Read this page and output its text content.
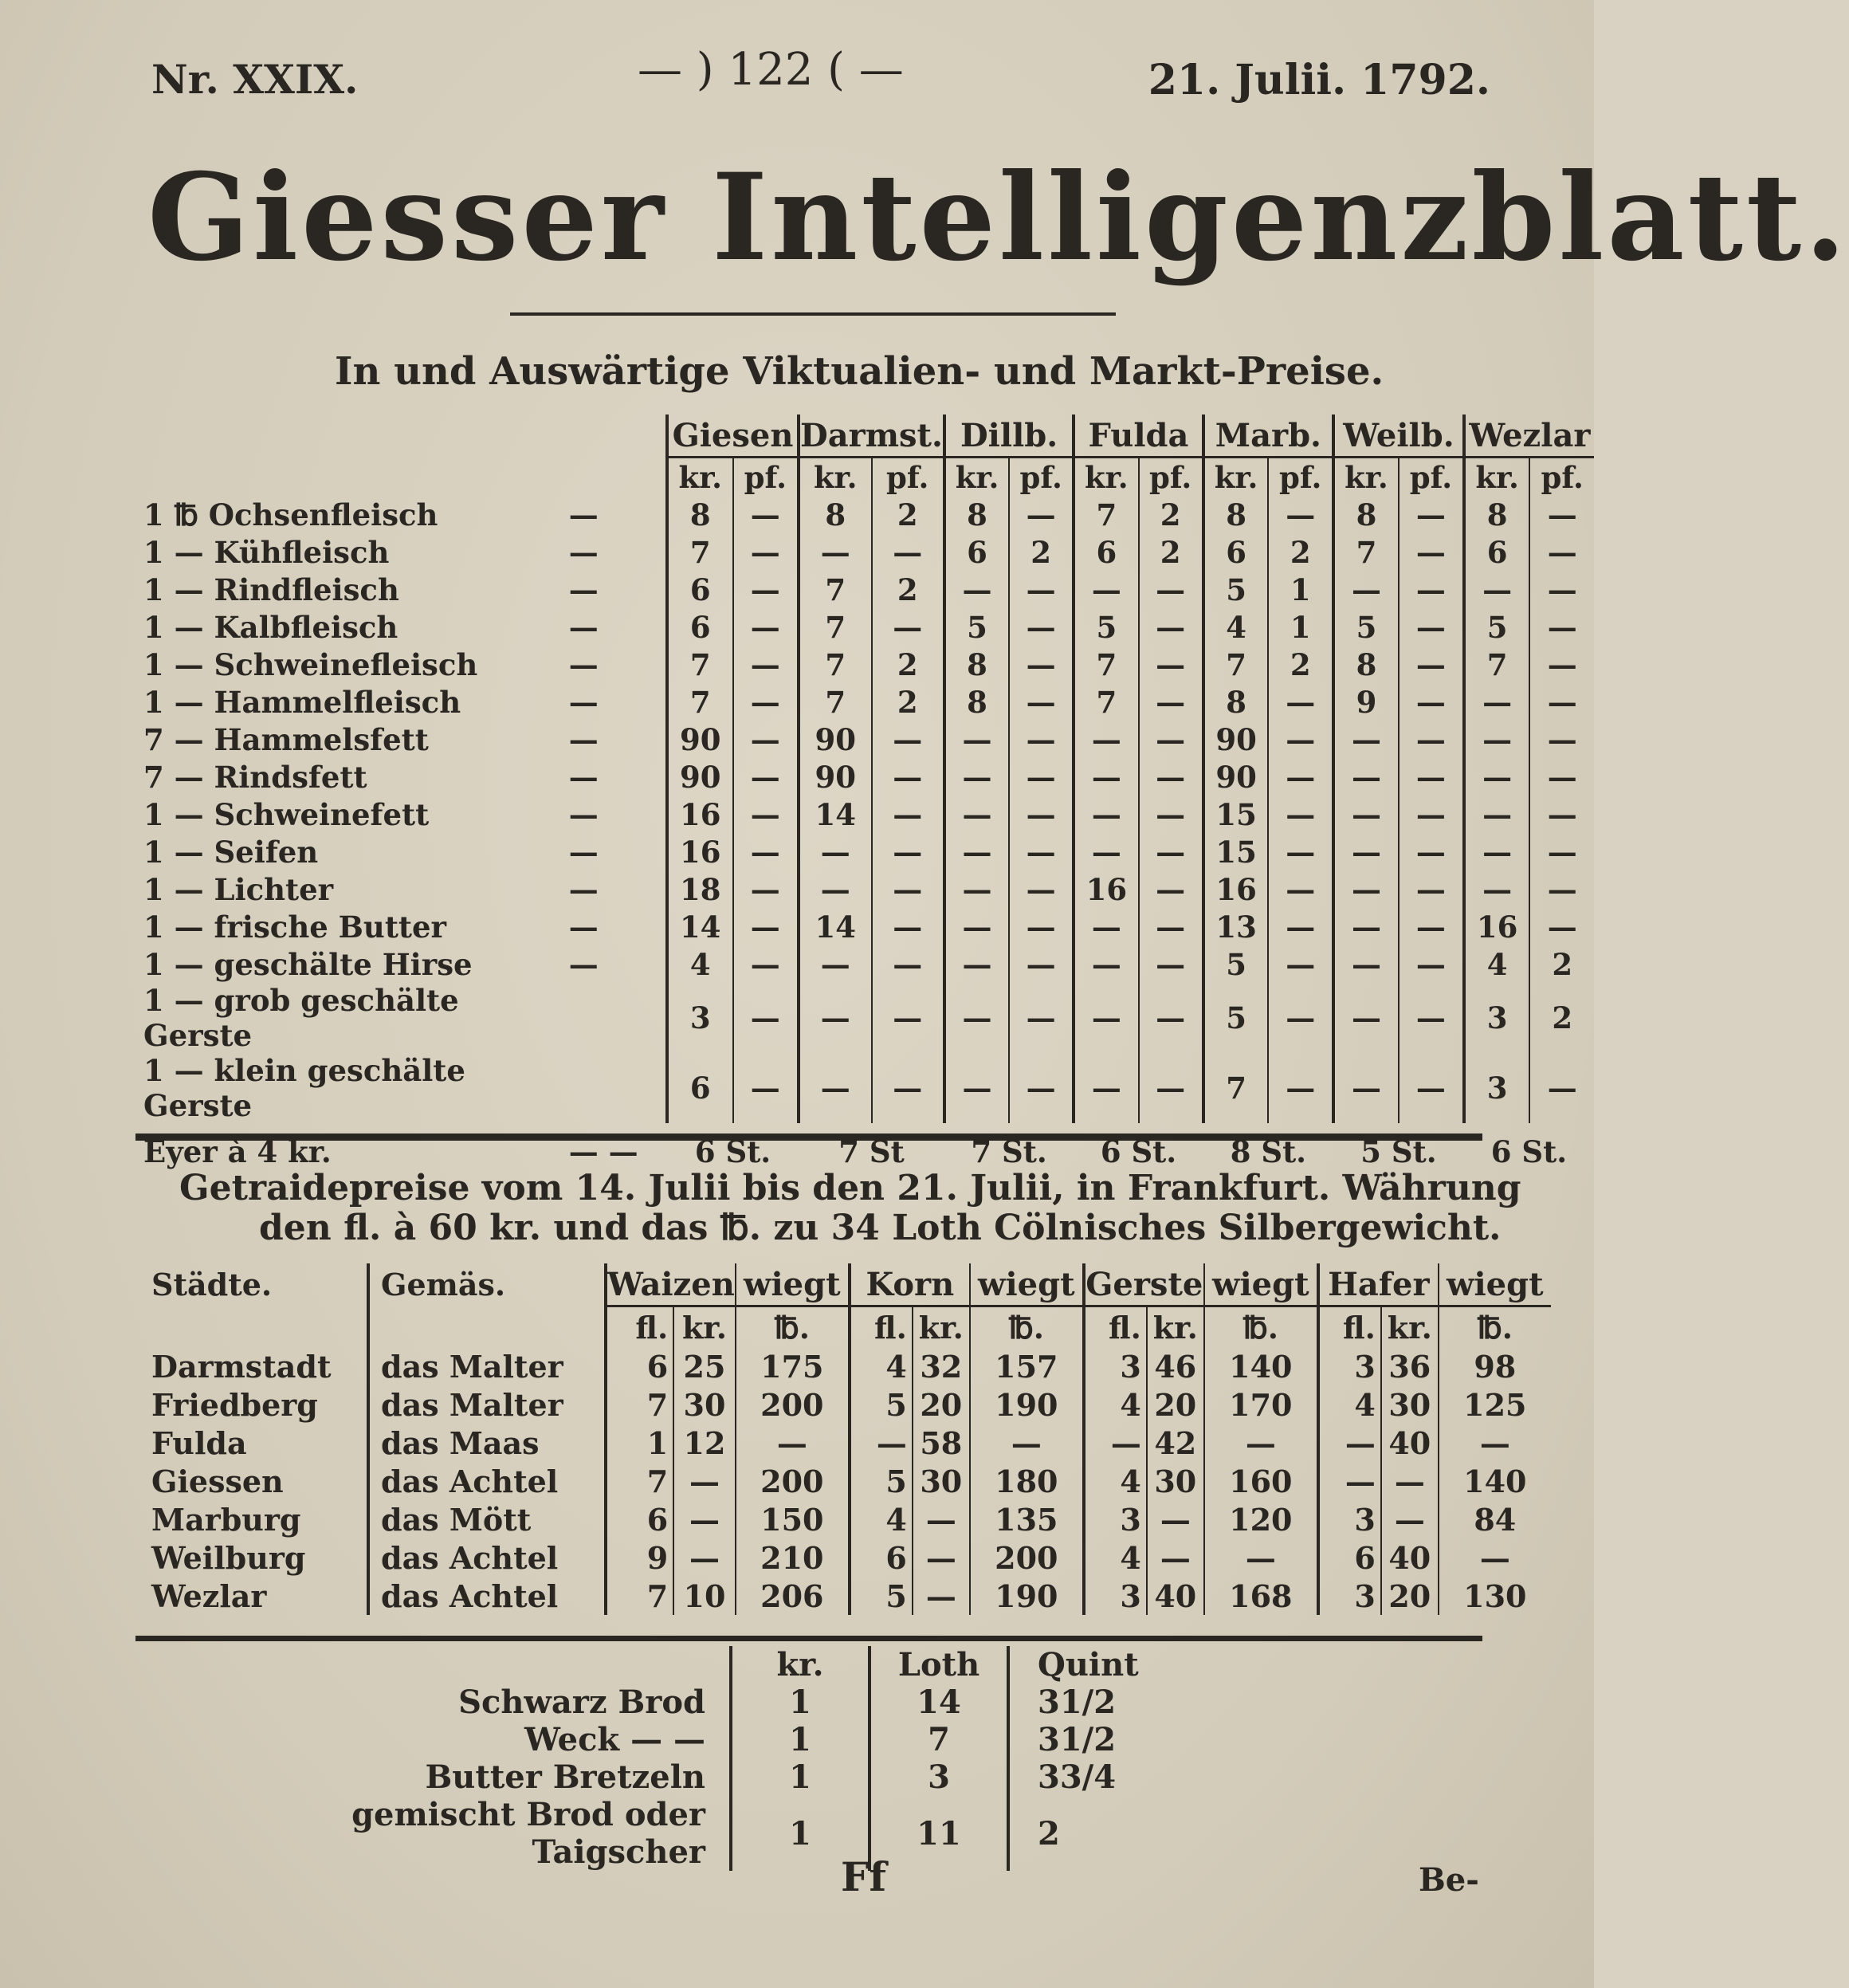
Nr. XXIX.	— ) 122 ( —	21. Julii. 1792.
Giesser Intelligenzblatt.
In und Auswärtige Viktualien- und Markt-Preise.
		Giesen		Darmst.		Dillb.		Fulda		Marb.		Weilb.		Wezlar	
		kr.	pf.	kr.	pf.	kr.	pf.	kr.	pf.	kr.	pf.	kr.	pf.	kr.	pf.
1 ℔ Ochsenfleisch	—	8	—	8	2	8	—	7	2	8	—	8	—	8	—
1 — Kühfleisch	—	7	—	—	—	6	2	6	2	6	2	7	—	6	—
1 — Rindfleisch	—	6	—	7	2	—	—	—	—	5	1	—	—	—	—
1 — Kalbfleisch	—	6	—	7	—	5	—	5	—	4	1	5	—	5	—
1 — Schweinefleisch	—	7	—	7	2	8	—	7	—	7	2	8	—	7	—
1 — Hammelfleisch	—	7	—	7	2	8	—	7	—	8	—	9	—	—	—
7 — Hammelsfett	—	90	—	90	—	—	—	—	—	90	—	—	—	—	—
7 — Rindsfett	—	90	—	90	—	—	—	—	—	90	—	—	—	—	—
1 — Schweinefett	—	16	—	14	—	—	—	—	—	15	—	—	—	—	—
1 — Seifen	—	16	—	—	—	—	—	—	—	15	—	—	—	—	—
1 — Lichter	—	18	—	—	—	—	—	16	—	16	—	—	—	—	—
1 — frische Butter	—	14	—	14	—	—	—	—	—	13	—	—	—	16	—
1 — geschälte Hirse	—	4	—	—	—	—	—	—	—	5	—	—	—	4	2
1 — grob geschälte Gerste		3	—	—	—	—	—	—	—	5	—	—	—	3	2
1 — klein geschälte Gerste		6	—	—	—	—	—	—	—	7	—	—	—	3	—
Eyer à 4 kr.	— —	6 St.		7 St		7 St.		6 St.		8 St.		5 St.		6 St.	
Getraidepreise vom 14. Julii bis den 21. Julii, in Frankfurt. Währung
den fl. à 60 kr. und das ℔. zu 34 Loth Cölnisches Silbergewicht.
Städte.	Gemäs.	Waizen		wiegt	Korn		wiegt	Gerste		wiegt	Hafer		wiegt
		fl.	kr.	℔.	fl.	kr.	℔.	fl.	kr.	℔.	fl.	kr.	℔.
Darmstadt	das Malter	6	25	175	4	32	157	3	46	140	3	36	98
Friedberg	das Malter	7	30	200	5	20	190	4	20	170	4	30	125
Fulda	das Maas	1	12	—	—	58	—	—	42	—	—	40	—
Giessen	das Achtel	7	—	200	5	30	180	4	30	160	—	—	140
Marburg	das Mött	6	—	150	4	—	135	3	—	120	3	—	84
Weilburg	das Achtel	9	—	210	6	—	200	4	—	—	6	40	—
Wezlar	das Achtel	7	10	206	5	—	190	3	40	168	3	20	130
	kr.	Loth	Quint
Schwarz Brod	1	14	31/2
Weck — —	1	7	31/2
Butter Bretzeln	1	3	33/4
gemischt Brod oder Taigscher	1	11	2
Ff	Be-
